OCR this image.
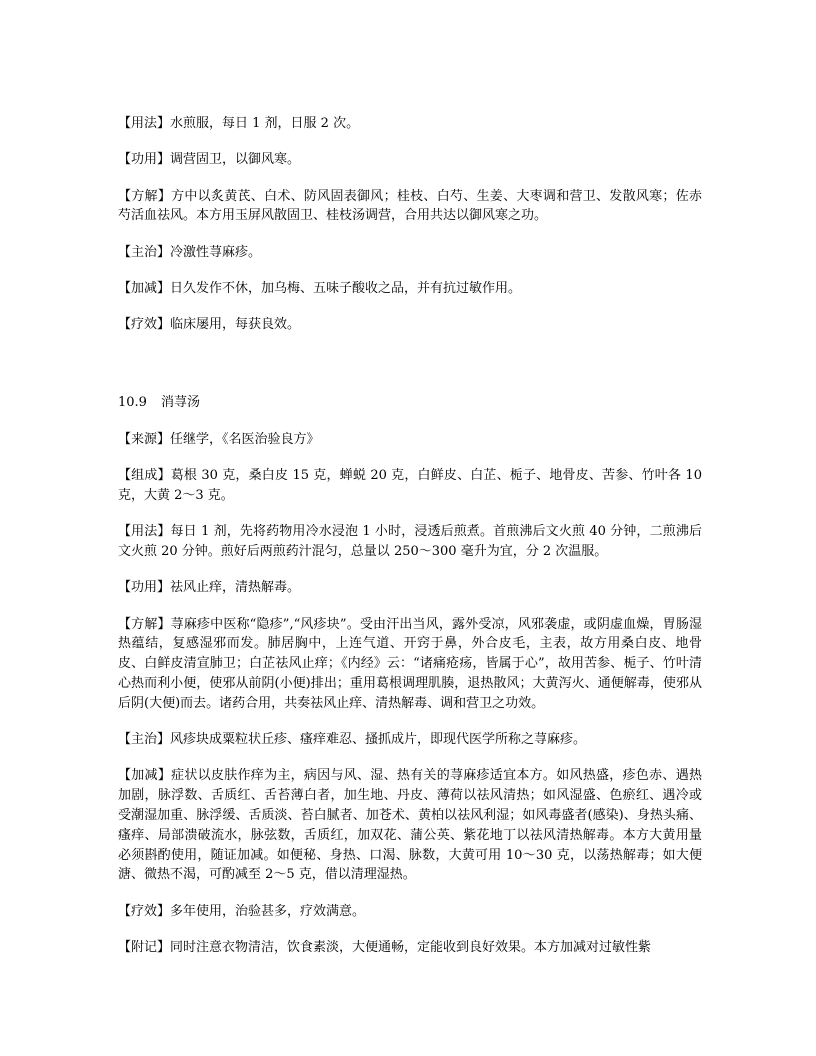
【用法】水煎服，每日 1 剂，日服 2 次。

【功用】调营固卫，以御风寒。

【方解】方中以炙黄芪、白术、防风固表御风；桂枝、白芍、生姜、大枣调和营卫、发散风寒；佐赤芍活血祛风。本方用玉屏风散固卫、桂枝汤调营，合用共达以御风寒之功。

【主治】冷激性荨麻疹。

【加减】日久发作不休，加乌梅、五味子酸收之品，并有抗过敏作用。

【疗效】临床屡用，每获良效。

10.9 消荨汤

【来源】任继学，《名医治验良方》

【组成】葛根 30 克，桑白皮 15 克，蝉蜕 20 克，白鲜皮、白芷、栀子、地骨皮、苦参、竹叶各 10 克，大黄 2～3 克。

【用法】每日 1 剂，先将药物用冷水浸泡 1 小时，浸透后煎煮。首煎沸后文火煎 40 分钟，二煎沸后文火煎 20 分钟。煎好后两煎药汁混匀，总量以 250～300 毫升为宜，分 2 次温服。

【功用】祛风止痒，清热解毒。

【方解】荨麻疹中医称“隐疹”,“风疹块”。受由汗出当风，露外受凉，风邪袭虚，或阴虚血燥，胃肠湿热蕴结，复感湿邪而发。肺居胸中，上连气道、开窍于鼻，外合皮毛，主表，故方用桑白皮、地骨皮、白鲜皮清宣肺卫；白芷祛风止痒；《内经》云：“诸痛疮疡，皆属于心”，故用苦参、栀子、竹叶清心热而利小便，使邪从前阴(小便)排出；重用葛根调理肌腠，退热散风；大黄泻火、通便解毒，使邪从后阴(大便)而去。诸药合用，共奏祛风止痒、清热解毒、调和营卫之功效。

【主治】风疹块成粟粒状丘疹、瘙痒难忍、搔抓成片，即现代医学所称之荨麻疹。

【加减】症状以皮肤作痒为主，病因与风、湿、热有关的荨麻疹适宜本方。如风热盛，疹色赤、遇热加剧，脉浮数、舌质红、舌苔薄白者，加生地、丹皮、薄荷以祛风清热；如风湿盛、色瘀红、遇冷或受潮湿加重、脉浮缓、舌质淡、苔白腻者、加苍术、黄柏以祛风利湿；如风毒盛者(感染)、身热头痛、瘙痒、局部溃破流水，脉弦数，舌质红，加双花、蒲公英、紫花地丁以祛风清热解毒。本方大黄用量必须斟酌使用，随证加减。如便秘、身热、口渴、脉数，大黄可用 10～30 克，以荡热解毒；如大便溏、微热不渴，可酌减至 2～5 克，借以清理湿热。

【疗效】多年使用，治验甚多，疗效满意。

【附记】同时注意衣物清洁，饮食素淡，大便通畅，定能收到良好效果。本方加减对过敏性紫
